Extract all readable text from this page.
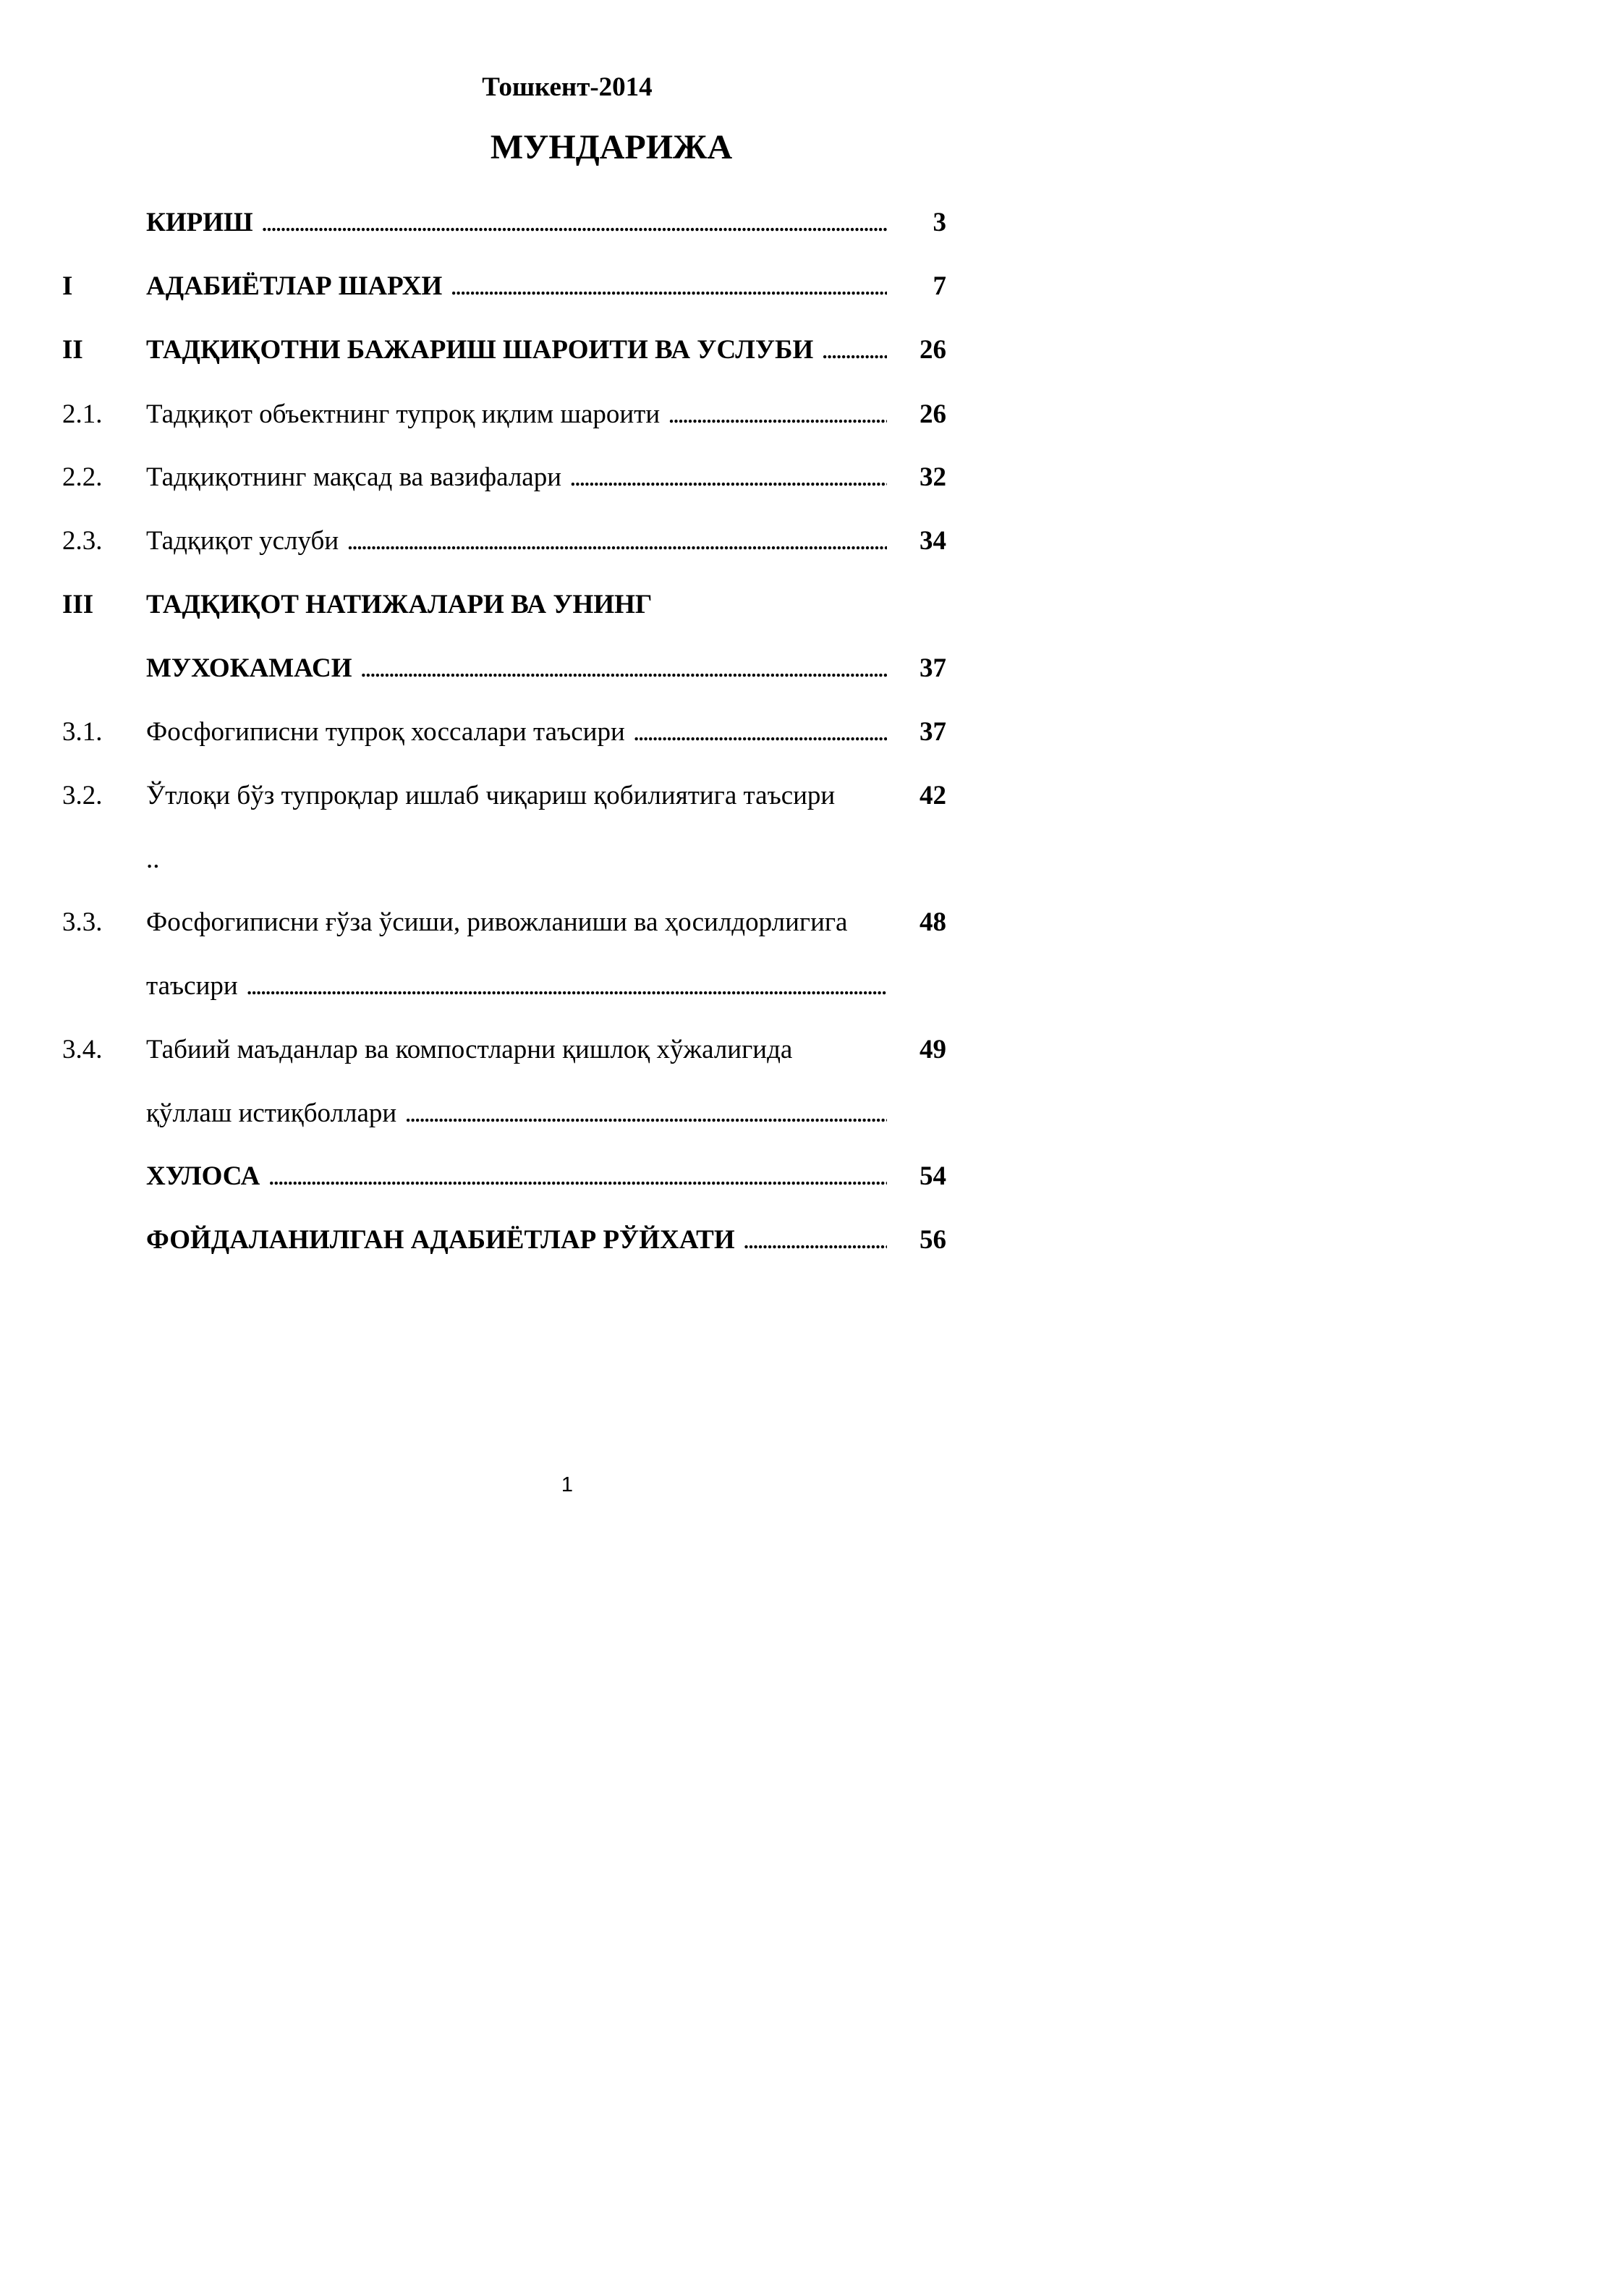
Тошкент-2014
МУНДАРИЖА
КИРИШ . . .	3
I	АДАБИЁТЛАР ШАРХИ . . .	7
II ТАДҚИҚОТНИ БАЖАРИШ ШАРОИТИ ВА УСЛУБИ . . .	26
2.1. Тадқиқот объектнинг тупроқ иқлим шароити . . .	26
2.2. Тадқиқотнинг мақсад ва вазифалари . . .	32
2.3. Тадқиқот услуби . . .	34
III ТАДҚИҚОТ НАТИЖАЛАРИ ВА УНИНГ
МУХОКАМАСИ . . .	37
3.1. Фосфогиписни тупроқ хоссалари таъсири . . .	37
3.2. Ўтлоқи бўз тупроқлар ишлаб чиқариш қобилиятига таъсири	42
..
3.3. Фосфогиписни ғўза ўсиши, ривожланиши ва ҳосилдорлигига	48
таъсири . . .
3.4. Табиий маъданлар ва компостларни қишлоқ хўжалигида	49
қўллаш истиқболлари . . .
ХУЛОСА . . .	54
ФОЙДАЛАНИЛГАН АДАБИЁТЛАР РЎЙХАТИ . . .	56
1
